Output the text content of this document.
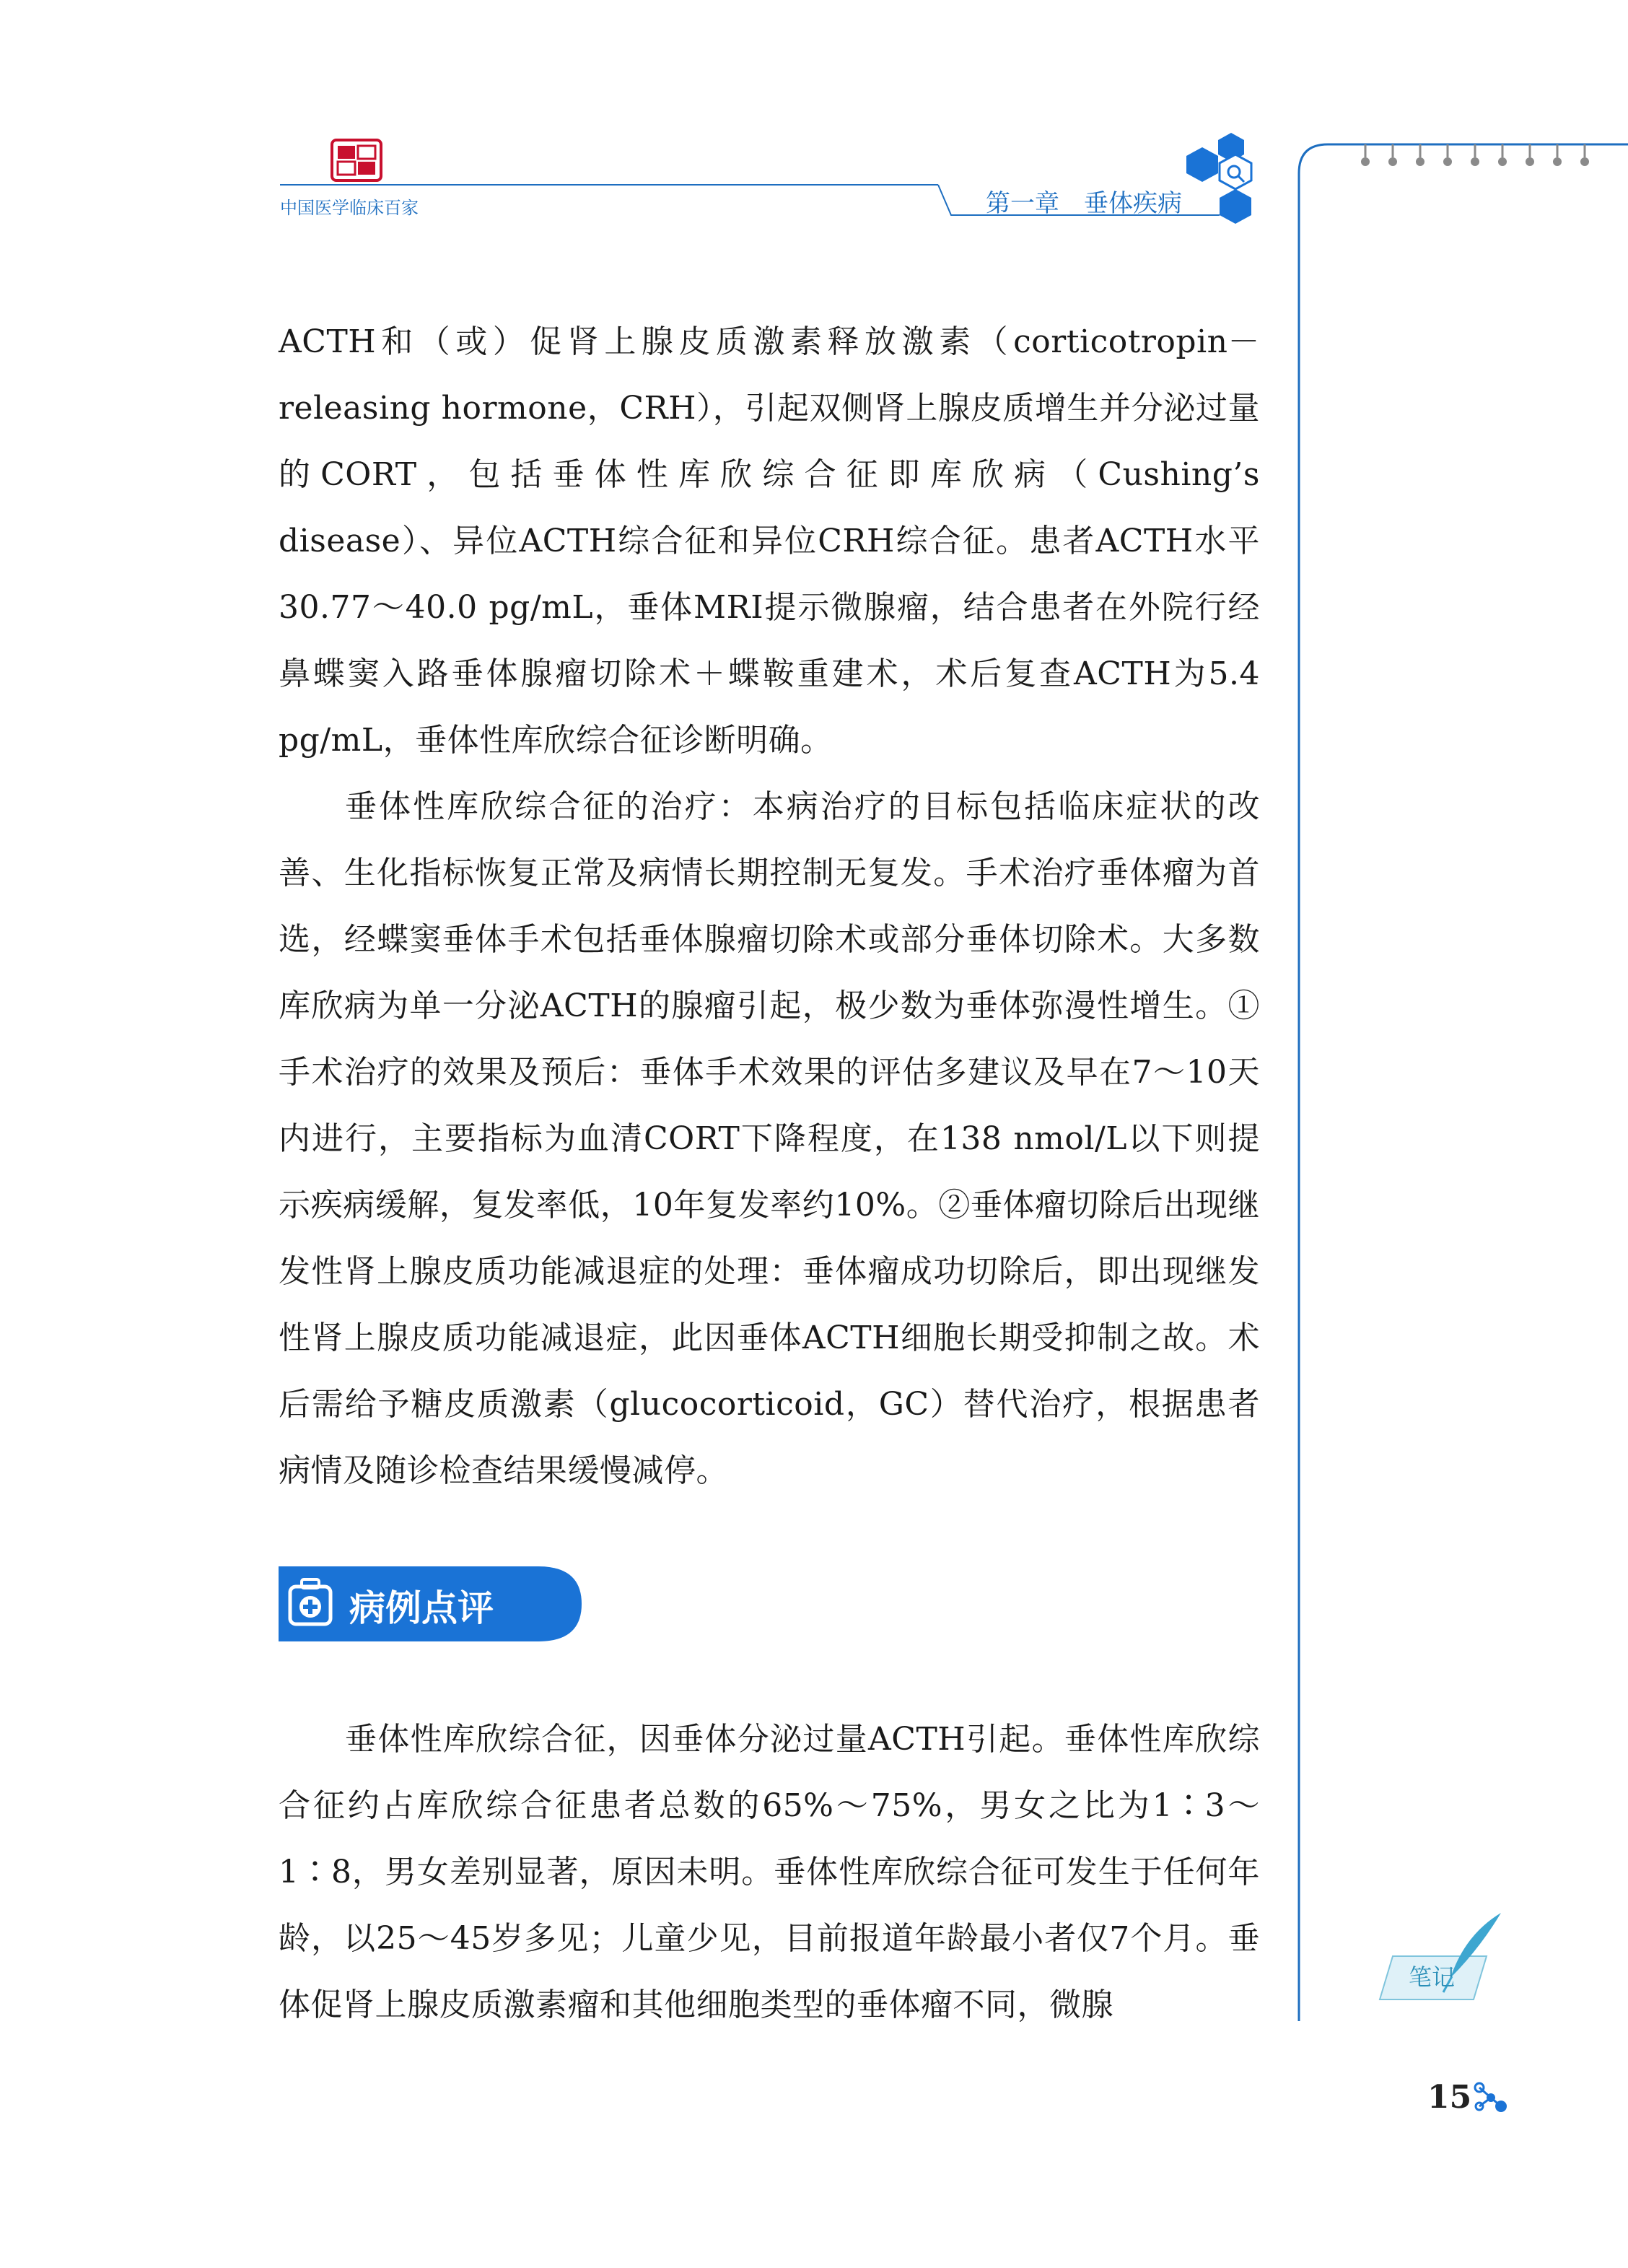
中国医学临床百家	第一章　垂体疾病
笔记
ACTH和（或）促肾上腺皮质激素释放激素（corticotropin－releasing hormone，CRH），引起双侧肾上腺皮质增生并分泌过量的CORT，包括垂体性库欣综合征即库欣病（Cushing’s disease）、异位ACTH综合征和异位CRH综合征。患者ACTH水平30.77～40.0 pg/mL，垂体MRI提示微腺瘤，结合患者在外院行经鼻蝶窦入路垂体腺瘤切除术＋蝶鞍重建术，术后复查ACTH为5.4 pg/mL，垂体性库欣综合征诊断明确。
垂体性库欣综合征的治疗：本病治疗的目标包括临床症状的改善、生化指标恢复正常及病情长期控制无复发。手术治疗垂体瘤为首选，经蝶窦垂体手术包括垂体腺瘤切除术或部分垂体切除术。大多数库欣病为单一分泌ACTH的腺瘤引起，极少数为垂体弥漫性增生。①手术治疗的效果及预后：垂体手术效果的评估多建议及早在7～10天内进行，主要指标为血清CORT下降程度，在138 nmol/L以下则提示疾病缓解，复发率低，10年复发率约10%。②垂体瘤切除后出现继发性肾上腺皮质功能减退症的处理：垂体瘤成功切除后，即出现继发性肾上腺皮质功能减退症，此因垂体ACTH细胞长期受抑制之故。术后需给予糖皮质激素（glucocorticoid，GC）替代治疗，根据患者病情及随诊检查结果缓慢减停。
病例点评
垂体性库欣综合征，因垂体分泌过量ACTH引起。垂体性库欣综合征约占库欣综合征患者总数的65%～75%，男女之比为1∶3～1∶8，男女差别显著，原因未明。垂体性库欣综合征可发生于任何年龄，以25～45岁多见；儿童少见，目前报道年龄最小者仅7个月。垂体促肾上腺皮质激素瘤和其他细胞类型的垂体瘤不同，微腺
15
